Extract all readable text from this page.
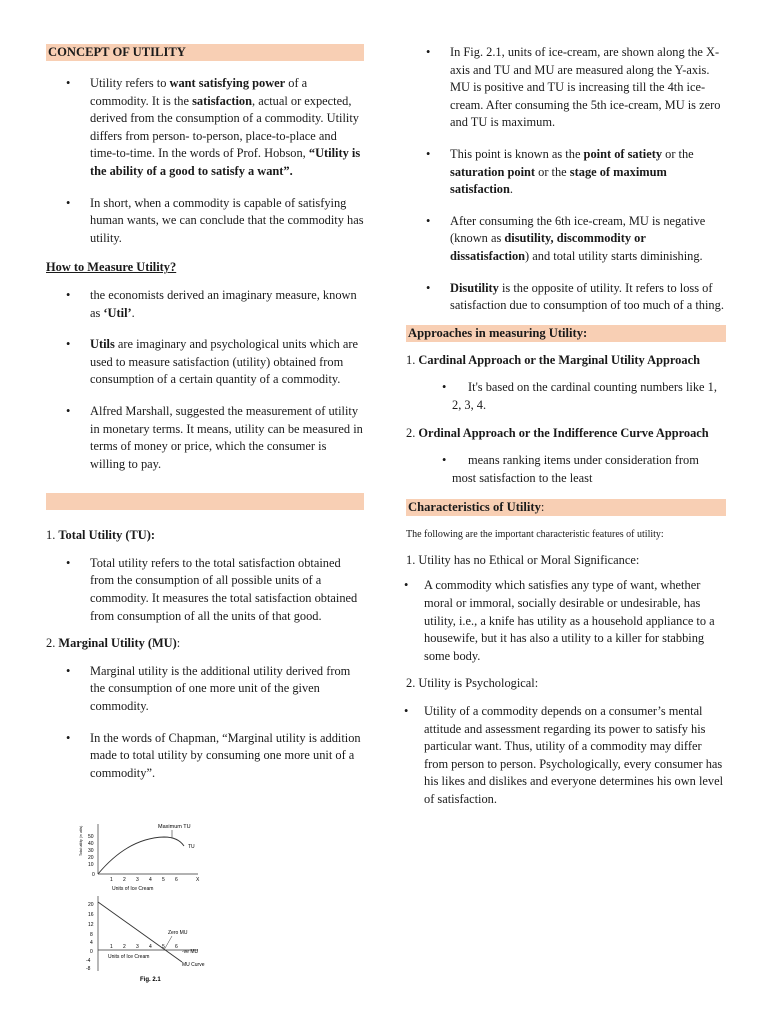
CONCEPT OF UTILITY
• Utility refers to want satisfying power of a commodity. It is the satisfaction, actual or expected, derived from the consumption of a commodity. Utility differs from person- to-person, place-to-place and time-to-time. In the words of Prof. Hobson, “Utility is the ability of a good to satisfy a want”.
• In short, when a commodity is capable of satisfying human wants, we can conclude that the commodity has utility.
How to Measure Utility?
• the economists derived an imaginary measure, known as ‘Util’.
• Utils are imaginary and psychological units which are used to measure satisfaction (utility) obtained from consumption of a certain quantity of a commodity.
• Alfred Marshall, suggested the measurement of utility in monetary terms. It means, utility can be measured in terms of money or price, which the consumer is willing to pay.
1. Total Utility (TU):
• Total utility refers to the total satisfaction obtained from the consumption of all possible units of a commodity. It measures the total satisfaction obtained from consumption of all the units of that good.
2. Marginal Utility (MU):
• Marginal utility is the additional utility derived from the consumption of one more unit of the given commodity.
• In the words of Chapman, “Marginal utility is addition made to total utility by consuming one more unit of a commodity”.
Maximum TU
Total utility (in utils) 50
40
30
20
10
0
1 2 3 4 5 6	X
TU
Units of Ice Cream
20
16
12
8
4
0
-4
-8
1 2 3 4 5 6
Zero MU
-ve MU
Units of Ice Cream
MU Curve
Fig. 2.1
• In Fig. 2.1, units of ice-cream, are shown along the X-axis and TU and MU are measured along the Y-axis. MU is positive and TU is increasing till the 4th ice-cream. After consuming the 5th ice-cream, MU is zero and TU is maximum.
• This point is known as the point of satiety or the saturation point or the stage of maximum satisfaction.
• After consuming the 6th ice-cream, MU is negative (known as disutility, discommodity or dissatisfaction) and total utility starts diminishing.
• Disutility is the opposite of utility. It refers to loss of satisfaction due to consumption of too much of a thing.
Approaches in measuring Utility:
1. Cardinal Approach or the Marginal Utility Approach
• It's based on the cardinal counting numbers like 1, 2, 3, 4.
2. Ordinal Approach or the Indifference Curve Approach
• means ranking items under consideration from most satisfaction to the least
Characteristics of Utility:
The following are the important characteristic features of utility:
1. Utility has no Ethical or Moral Significance:
• A commodity which satisfies any type of want, whether moral or immoral, socially desirable or undesirable, has utility, i.e., a knife has utility as a household appliance to a housewife, but it has also a utility to a killer for stabbing some body.
2. Utility is Psychological:
• Utility of a commodity depends on a consumer’s mental attitude and assessment regarding its power to satisfy his particular want. Thus, utility of a commodity may differ from person to person. Psychologically, every consumer has his likes and dislikes and everyone determines his own level of satisfaction.
